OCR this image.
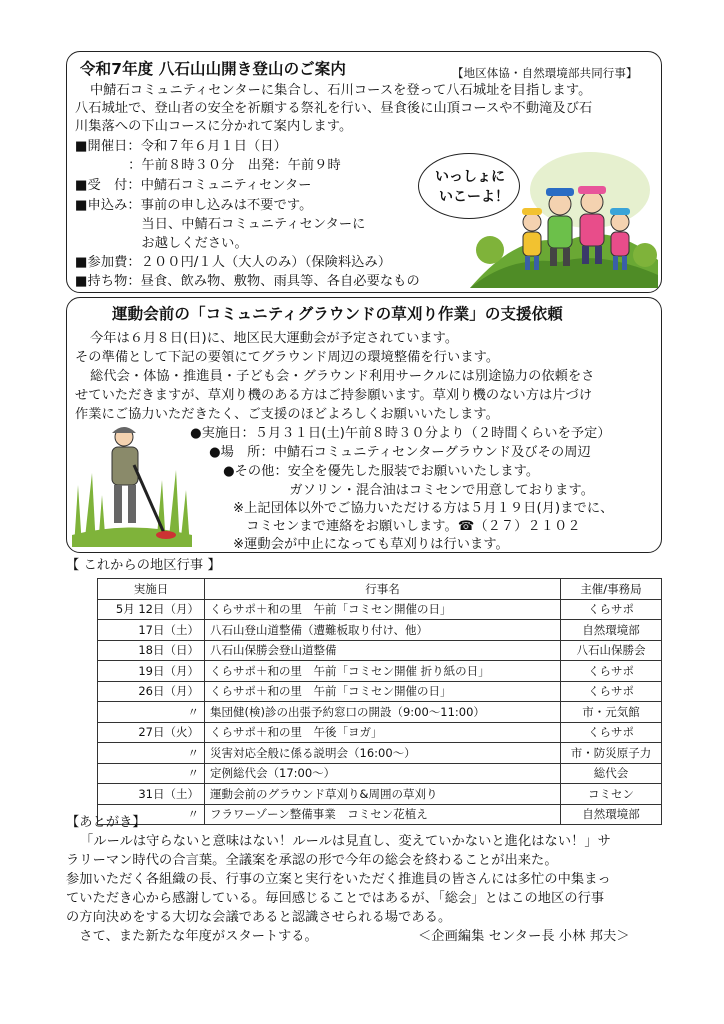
令和7年度 八石山山開き登山のご案内	【地区体協・自然環境部共同行事】
中鯖石コミュニティセンターに集合し、石川コースを登って八石城址を目指します。
八石城址で、登山者の安全を祈願する祭礼を行い、昼食後に山頂コースや不動滝及び石
川集落への下山コースに分かれて案内します。
■開催日：令和７年６月１日（日）
　　　　：午前８時３０分　出発：午前９時
■受　付：中鯖石コミュニティセンター
■申込み：事前の申し込みは不要です。
　　　　　当日、中鯖石コミュニティセンターに
　　　　　お越しください。
■参加費：２００円/１人（大人のみ）（保険料込み）
■持ち物：昼食、飲み物、敷物、雨具等、各自必要なもの
いっしょに
いこーよ！
運動会前の「コミュニティグラウンドの草刈り作業」の支援依頼
今年は６月８日(日)に、地区民大運動会が予定されています。
その準備として下記の要領にてグラウンド周辺の環境整備を行います。
総代会・体協・推進員・子ども会・グラウンド利用サークルには別途協力の依頼をさ
せていただきますが、草刈り機のある方はご持参願います。草刈り機のない方は片づけ
作業にご協力いただきたく、ご支援のほどよろしくお願いいたします。
●実施日：５月３１日(土)午前８時３０分より（２時間くらいを予定）
●場　所：中鯖石コミュニティセンターグラウンド及びその周辺
●その他：安全を優先した服装でお願いいたします。
　　　　　ガソリン・混合油はコミセンで用意しております。
※上記団体以外でご協力いただける方は５月１９日(月)までに、
　コミセンまで連絡をお願いします。☎（２７）２１０２
※運動会が中止になっても草刈りは行います。
【 これからの地区行事 】
実施日	行事名	主催/事務局
5月 12日（月）	くらサポ＋和の里　午前「コミセン開催の日」	くらサポ
17日（土）	八石山登山道整備（遭難板取り付け、他）	自然環境部
18日（日）	八石山保勝会登山道整備	八石山保勝会
19日（月）	くらサポ＋和の里　午前「コミセン開催 折り紙の日」	くらサポ
26日（月）	くらサポ＋和の里　午前「コミセン開催の日」	くらサポ
〃	集団健(検)診の出張予約窓口の開設（9:00〜11:00）	市・元気館
27日（火）	くらサポ＋和の里　午後「ヨガ」	くらサポ
〃	災害対応全般に係る説明会（16:00〜）	市・防災原子力
〃	定例総代会（17:00〜）	総代会
31日（土）	運動会前のグラウンド草刈り&周囲の草刈り	コミセン
〃	フラワーゾーン整備事業　コミセン花植え	自然環境部
【あとがき】
「ルールは守らないと意味はない！ルールは見直し、変えていかないと進化はない！」サ
ラリーマン時代の合言葉。全議案を承認の形で今年の総会を終わることが出来た。
参加いただく各組織の長、行事の立案と実行をいただく推進員の皆さんには多忙の中集まっ
ていただき心から感謝している。毎回感じることではあるが、「総会」とはこの地区の行事
の方向決めをする大切な会議であると認識させられる場である。
　さて、また新たな年度がスタートする。	＜企画編集 センター長 小林 邦夫＞
